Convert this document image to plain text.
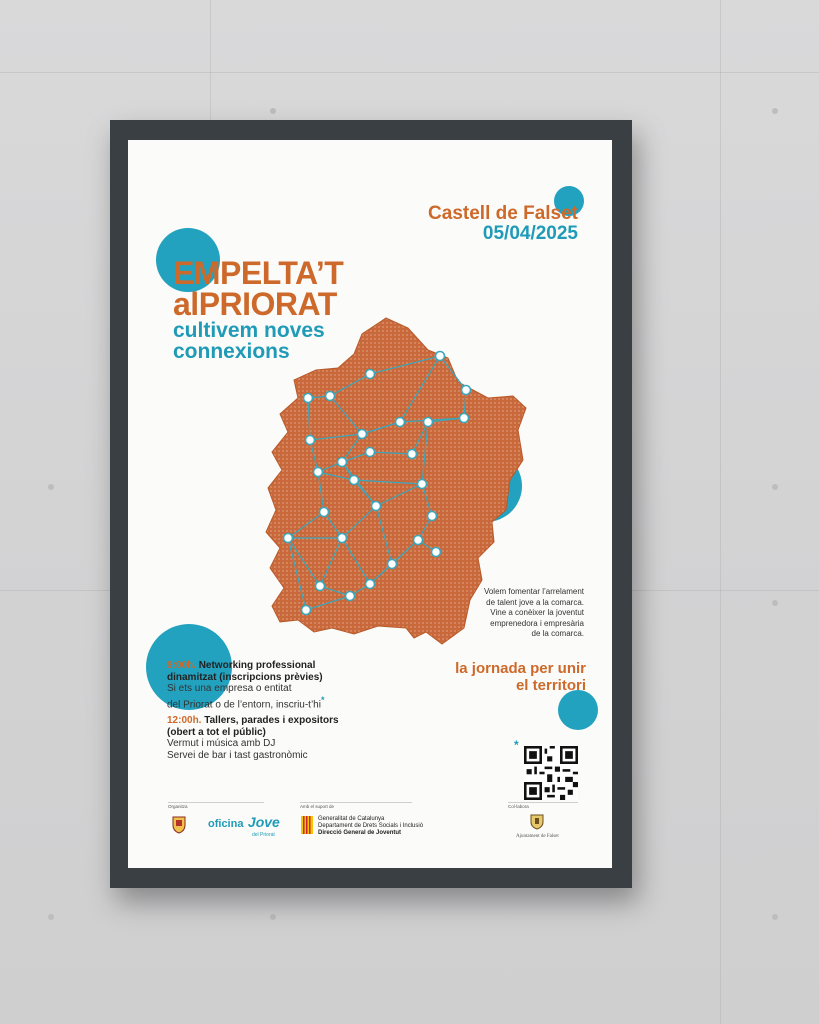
Castell de Falset
05/04/2025
EMPELTA’T
alPRIORAT
cultivem noves
connexions
Volem fomentar l’arrelament
de talent jove a la comarca.
Vine a conèixer la joventut
emprenedora i empresària
de la comarca.
la jornada per unir
el territori
9:00h. Networking professional
dinamitzat (inscripcions prèvies)
Si ets una empresa o entitat
del Priorat o de l’entorn, inscriu-t’hi*
12:00h. Tallers, parades i expositors
(obert a tot el públic)
Vermut i música amb DJ
Servei de bar i tast gastronòmic
*
Organitza	Amb el suport de	Col·labora
oficina Jove
del Priorat
Generalitat de Catalunya
Departament de Drets Socials i Inclusió
Direcció General de Joventut
Ajuntament de Falset
